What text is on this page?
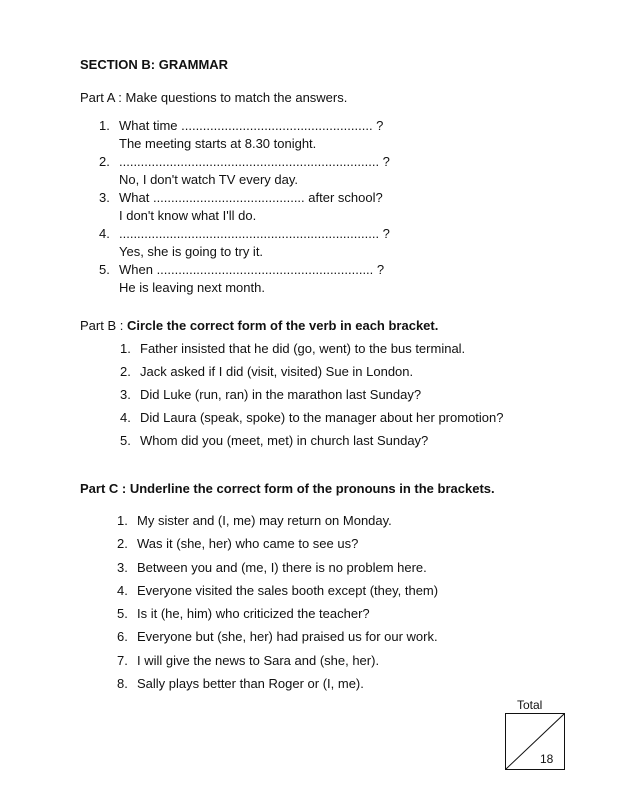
SECTION B: GRAMMAR
Part A : Make questions to match the answers.
1. What time ..................................................... ?
The meeting starts at 8.30 tonight.
2. ........................................................................ ?
No, I don't watch TV every day.
3. What .......................................... after school?
I don't know what I'll do.
4. ........................................................................ ?
Yes, she is going to try it.
5. When ............................................................ ?
He is leaving next month.
Part B : Circle the correct form of the verb in each bracket.
1. Father insisted that he did (go, went) to the bus terminal.
2. Jack asked if I did (visit, visited) Sue in London.
3. Did Luke (run, ran) in the marathon last Sunday?
4. Did Laura (speak, spoke) to the manager about her promotion?
5. Whom did you (meet, met) in church last Sunday?
Part C : Underline the correct form of the pronouns in the brackets.
1. My sister and (I, me) may return on Monday.
2. Was it (she, her) who came to see us?
3. Between you and (me, I) there is no problem here.
4. Everyone visited the sales booth except (they, them)
5. Is it (he, him) who criticized the teacher?
6. Everyone but (she, her) had praised us for our work.
7. I will give the news to Sara and (she, her).
8. Sally plays better than Roger or (I, me).
Total
18
